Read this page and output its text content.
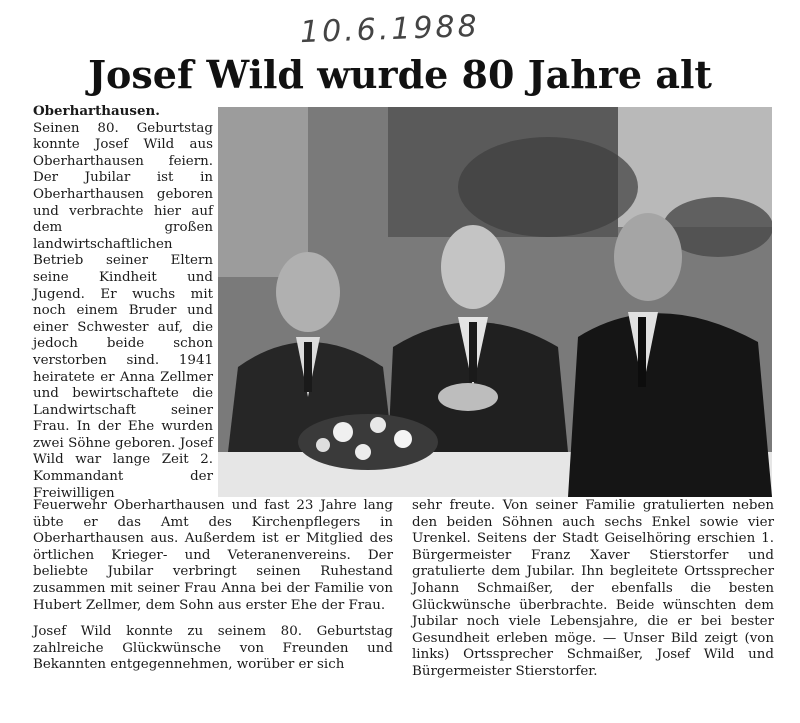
10.6.1988
Josef Wild wurde 80 Jahre alt

Oberharthausen.
Seinen 80. Geburtstag konnte Josef Wild aus Oberharthausen feiern. Der Jubilar ist in Oberharthausen geboren und verbrachte hier auf dem großen landwirtschaftlichen Betrieb seiner Eltern seine Kindheit und Jugend. Er wuchs mit noch einem Bruder und einer Schwester auf, die jedoch beide schon verstorben sind. 1941 heiratete er Anna Zellmer und bewirtschaftete die Landwirtschaft seiner Frau. In der Ehe wurden zwei Söhne geboren. Josef Wild war lange Zeit 2. Kommandant der Freiwilligen

Feuerwehr Oberharthausen und fast 23 Jahre lang übte er das Amt des Kirchenpflegers in Oberharthausen aus. Außerdem ist er Mitglied des örtlichen Krieger- und Veteranenvereins. Der beliebte Jubilar verbringt seinen Ruhestand zusammen mit seiner Frau Anna bei der Familie von Hubert Zellmer, dem Sohn aus erster Ehe der Frau.

Josef Wild konnte zu seinem 80. Geburtstag zahlreiche Glückwünsche von Freunden und Bekannten entgegennehmen, worüber er sich

sehr freute. Von seiner Familie gratulierten neben den beiden Söhnen auch sechs Enkel sowie vier Urenkel. Seitens der Stadt Geiselhöring erschien 1. Bürgermeister Franz Xaver Stierstorfer und gratulierte dem Jubilar. Ihn begleitete Ortssprecher Johann Schmaißer, der ebenfalls die besten Glückwünsche überbrachte. Beide wünschten dem Jubilar noch viele Lebensjahre, die er bei bester Gesundheit erleben möge. — Unser Bild zeigt (von links) Ortssprecher Schmaißer, Josef Wild und Bürgermeister Stierstorfer.
